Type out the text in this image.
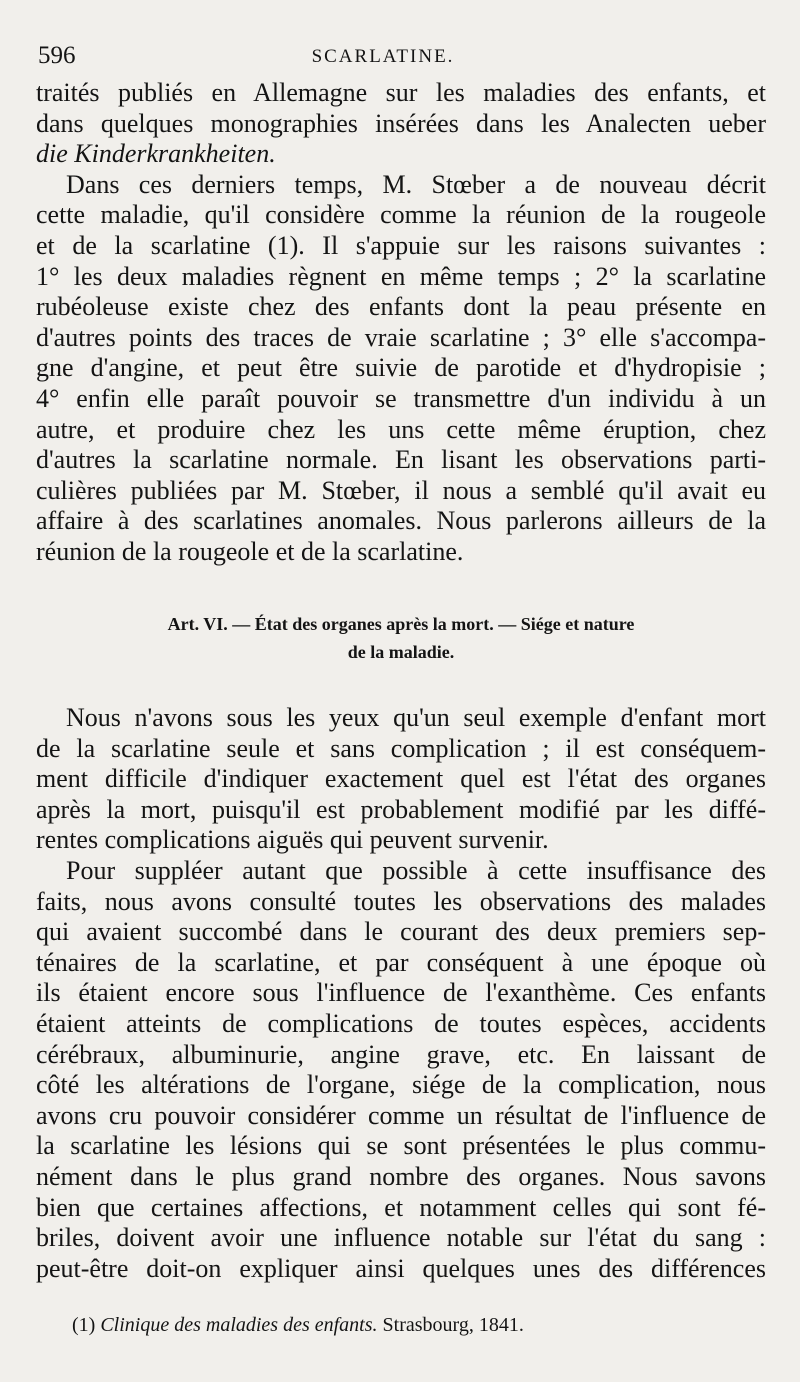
596	SCARLATINE.
traités publiés en Allemagne sur les maladies des enfants, et
dans quelques monographies insérées dans les Analecten ueber
die Kinderkrankheiten.
Dans ces derniers temps, M. Stœber a de nouveau décrit
cette maladie, qu'il considère comme la réunion de la rougeole
et de la scarlatine (1). Il s'appuie sur les raisons suivantes :
1° les deux maladies règnent en même temps ; 2° la scarlatine
rubéoleuse existe chez des enfants dont la peau présente en
d'autres points des traces de vraie scarlatine ; 3° elle s'accompa-
gne d'angine, et peut être suivie de parotide et d'hydropisie ;
4° enfin elle paraît pouvoir se transmettre d'un individu à un
autre, et produire chez les uns cette même éruption, chez
d'autres la scarlatine normale. En lisant les observations parti-
culières publiées par M. Stœber, il nous a semblé qu'il avait eu
affaire à des scarlatines anomales. Nous parlerons ailleurs de la
réunion de la rougeole et de la scarlatine.
Art. VI. — État des organes après la mort. — Siége et nature
de la maladie.
Nous n'avons sous les yeux qu'un seul exemple d'enfant mort
de la scarlatine seule et sans complication ; il est conséquem-
ment difficile d'indiquer exactement quel est l'état des organes
après la mort, puisqu'il est probablement modifié par les diffé-
rentes complications aiguës qui peuvent survenir.
Pour suppléer autant que possible à cette insuffisance des
faits, nous avons consulté toutes les observations des malades
qui avaient succombé dans le courant des deux premiers sep-
ténaires de la scarlatine, et par conséquent à une époque où
ils étaient encore sous l'influence de l'exanthème. Ces enfants
étaient atteints de complications de toutes espèces, accidents
cérébraux, albuminurie, angine grave, etc. En laissant de
côté les altérations de l'organe, siége de la complication, nous
avons cru pouvoir considérer comme un résultat de l'influence de
la scarlatine les lésions qui se sont présentées le plus commu-
nément dans le plus grand nombre des organes. Nous savons
bien que certaines affections, et notamment celles qui sont fé-
briles, doivent avoir une influence notable sur l'état du sang :
peut-être doit-on expliquer ainsi quelques unes des différences
(1) Clinique des maladies des enfants. Strasbourg, 1841.
